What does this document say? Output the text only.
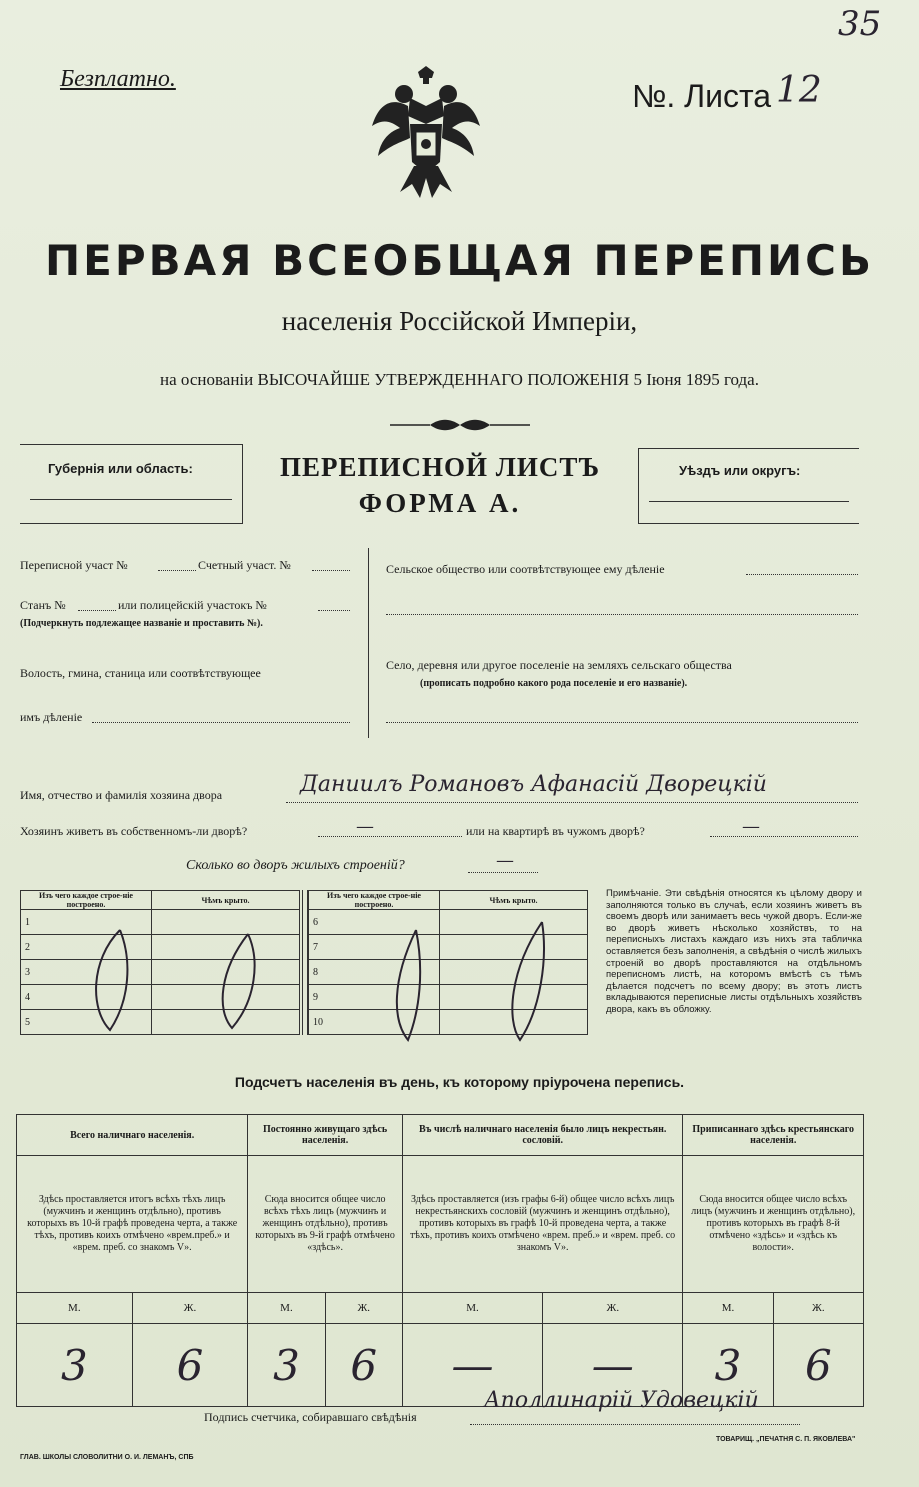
35
Безплатно.	№. Листа 12
ПЕРВАЯ ВСЕОБЩАЯ ПЕРЕПИСЬ
населенія Россійской Имперіи,
на основаніи ВЫСОЧАЙШЕ УТВЕРЖДЕННАГО ПОЛОЖЕНІЯ 5 Іюня 1895 года.
Губернія или область:	ПЕРЕПИСНОЙ ЛИСТЪ
ФОРМА А.
Уѣздъ или округъ:
Переписной участ №	Счетный участ. №
Станъ №	или полицейскій участокъ №
(Подчеркнуть подлежащее названіе и проставить №).
Волость, гмина, станица или соотвѣтствующее
имъ дѣленіе
Сельское общество или соотвѣтствующее ему дѣленіе
Село, деревня или другое поселеніе на земляхъ сельскаго общества
(прописать подробно какого рода поселеніе и его названіе).
Имя, отчество и фамилія хозяина двора	Даниилъ Романовъ Афанасій Дворецкій
Хозяинъ живетъ въ собственномъ-ли дворѣ?	—	или на квартирѣ въ чужомъ дворѣ?	—
Сколько во дворъ жилыхъ строеній?	—
Изъ чего каждое строе-ніе построено.	Чѣмъ крыто.
1	
2	
3	
4	
5	
Изъ чего каждое строе-ніе построено.	Чѣмъ крыто.
6	
7	
8	
9	
10	
Примѣчаніе. Эти свѣдѣнія относятся къ цѣлому двору и заполняются только въ случаѣ, если хозяинъ живетъ въ своемъ дворѣ или занимаетъ весь чужой дворъ. Если-же во дворѣ живетъ нѣсколько хозяйствъ, то на переписныхъ листахъ каждаго изъ нихъ эта табличка оставляется безъ заполненія, а свѣдѣнія о числѣ жилыхъ строеній во дворѣ проставляются на отдѣльномъ переписномъ листѣ, на которомъ вмѣстѣ съ тѣмъ дѣлается подсчетъ по всему двору; въ этотъ листъ вкладываются переписные листы отдѣльныхъ хозяйствъ двора, какъ въ обложку.
Подсчетъ населенія въ день, къ которому пріурочена перепись.
Всего наличнаго населенія.		Постоянно живущаго здѣсь населенія.		Въ числѣ наличнаго населенія было лицъ некрестьян. сословій.		Приписаннаго здѣсь крестьянскаго населенія.	
Здѣсь проставляется итогъ всѣхъ тѣхъ лицъ (мужчинъ и женщинъ отдѣльно), противъ которыхъ въ 10-й графѣ проведена черта, а также тѣхъ, противъ коихъ отмѣчено «врем.преб.» и «врем. преб. со знакомъ V».		Сюда вносится общее число всѣхъ тѣхъ лицъ (мужчинъ и женщинъ отдѣльно), противъ которыхъ въ 9-й графѣ отмѣчено «здѣсь».		Здѣсь проставляется (изъ графы 6-й) общее число всѣхъ лицъ некрестьянскихъ сословій (мужчинъ и женщинъ отдѣльно), противъ которыхъ въ графѣ 10-й проведена черта, а также тѣхъ, противъ коихъ отмѣчено «врем. преб.» и «врем. преб. со знакомъ V».		Сюда вносится общее число всѣхъ лицъ (мужчинъ и женщинъ отдѣльно), противъ которыхъ въ графѣ 8-й отмѣчено «здѣсь» и «здѣсь къ волости».	
М.	Ж.	М.	Ж.	М.	Ж.	М.	Ж.
3	6	3	6	—	—	3	6
Подпись счетчика, собиравшаго свѣдѣнія
Аполлинарій Удовецкій
ГЛАВ. ШКОЛЫ СЛОВОЛИТНИ О. И. ЛЕМАНЪ, СПБ
ТОВАРИЩ. „ПЕЧАТНЯ С. П. ЯКОВЛЕВА"
